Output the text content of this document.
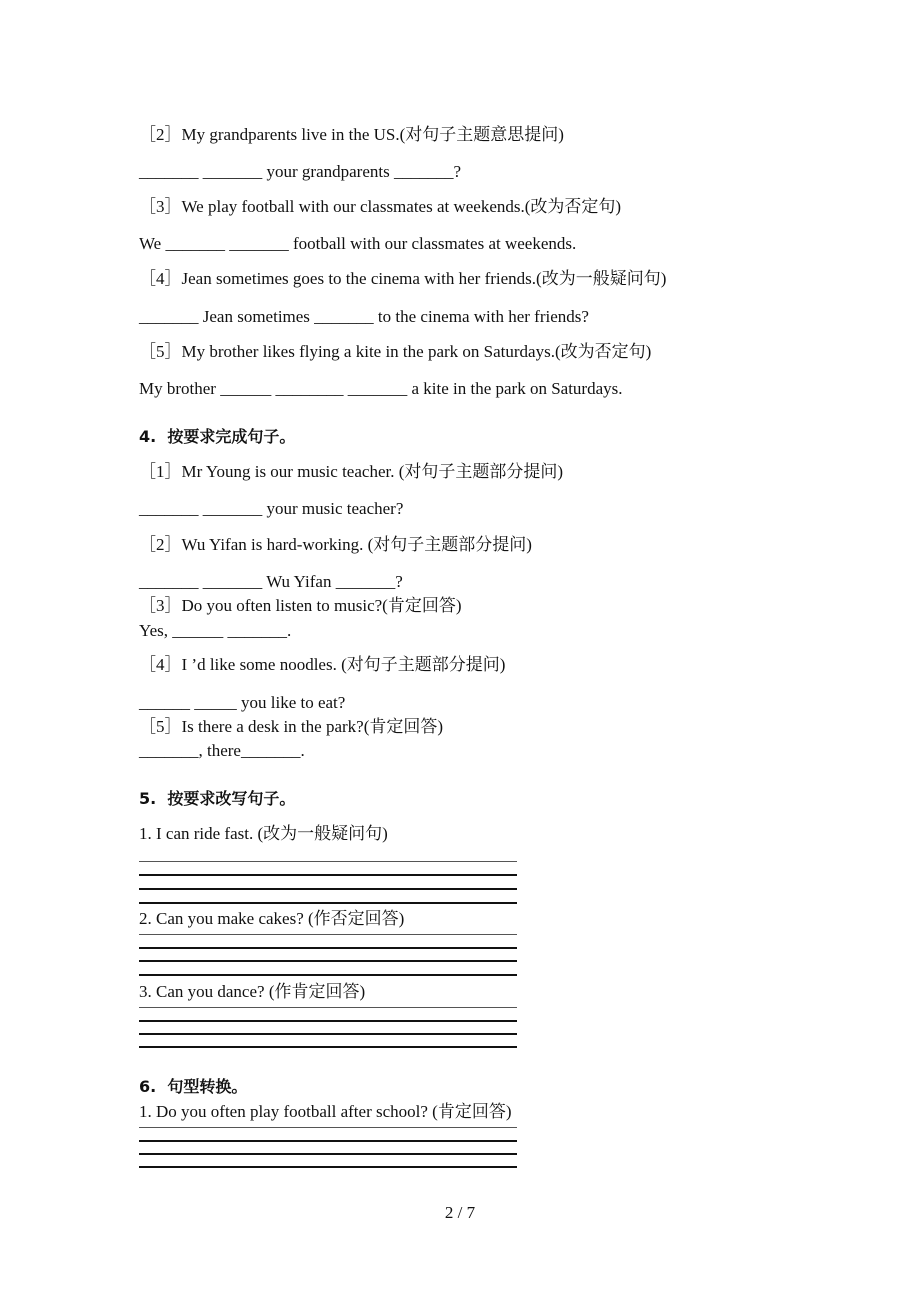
［2］My grandparents live in the US.(对句子主题意思提问)
_______ _______ your grandparents _______?
［3］We play football with our classmates at weekends.(改为否定句)
We _______ _______ football with our classmates at weekends.
［4］Jean sometimes goes to the cinema with her friends.(改为一般疑问句)
_______ Jean sometimes _______ to the cinema with her friends?
［5］My brother likes flying a kite in the park on Saturdays.(改为否定句)
My brother ______ ________ _______ a kite in the park on Saturdays.
4.  按要求完成句子。
［1］Mr Young is our music teacher. (对句子主题部分提问)
_______ _______ your music teacher?
［2］Wu Yifan is hard-working. (对句子主题部分提问)
_______ _______ Wu Yifan _______?
［3］Do you often listen to music?(肯定回答)
Yes, ______ _______.
［4］I ’d like some noodles. (对句子主题部分提问)
______ _____ you like to eat?
［5］Is there a desk in the park?(肯定回答)
_______, there_______.
5.  按要求改写句子。
1. I can ride fast. (改为一般疑问句)
2. Can you make cakes? (作否定回答)
3. Can you dance? (作肯定回答)
6.  句型转换。
1. Do you often play football after school? (肯定回答)
2 / 7
